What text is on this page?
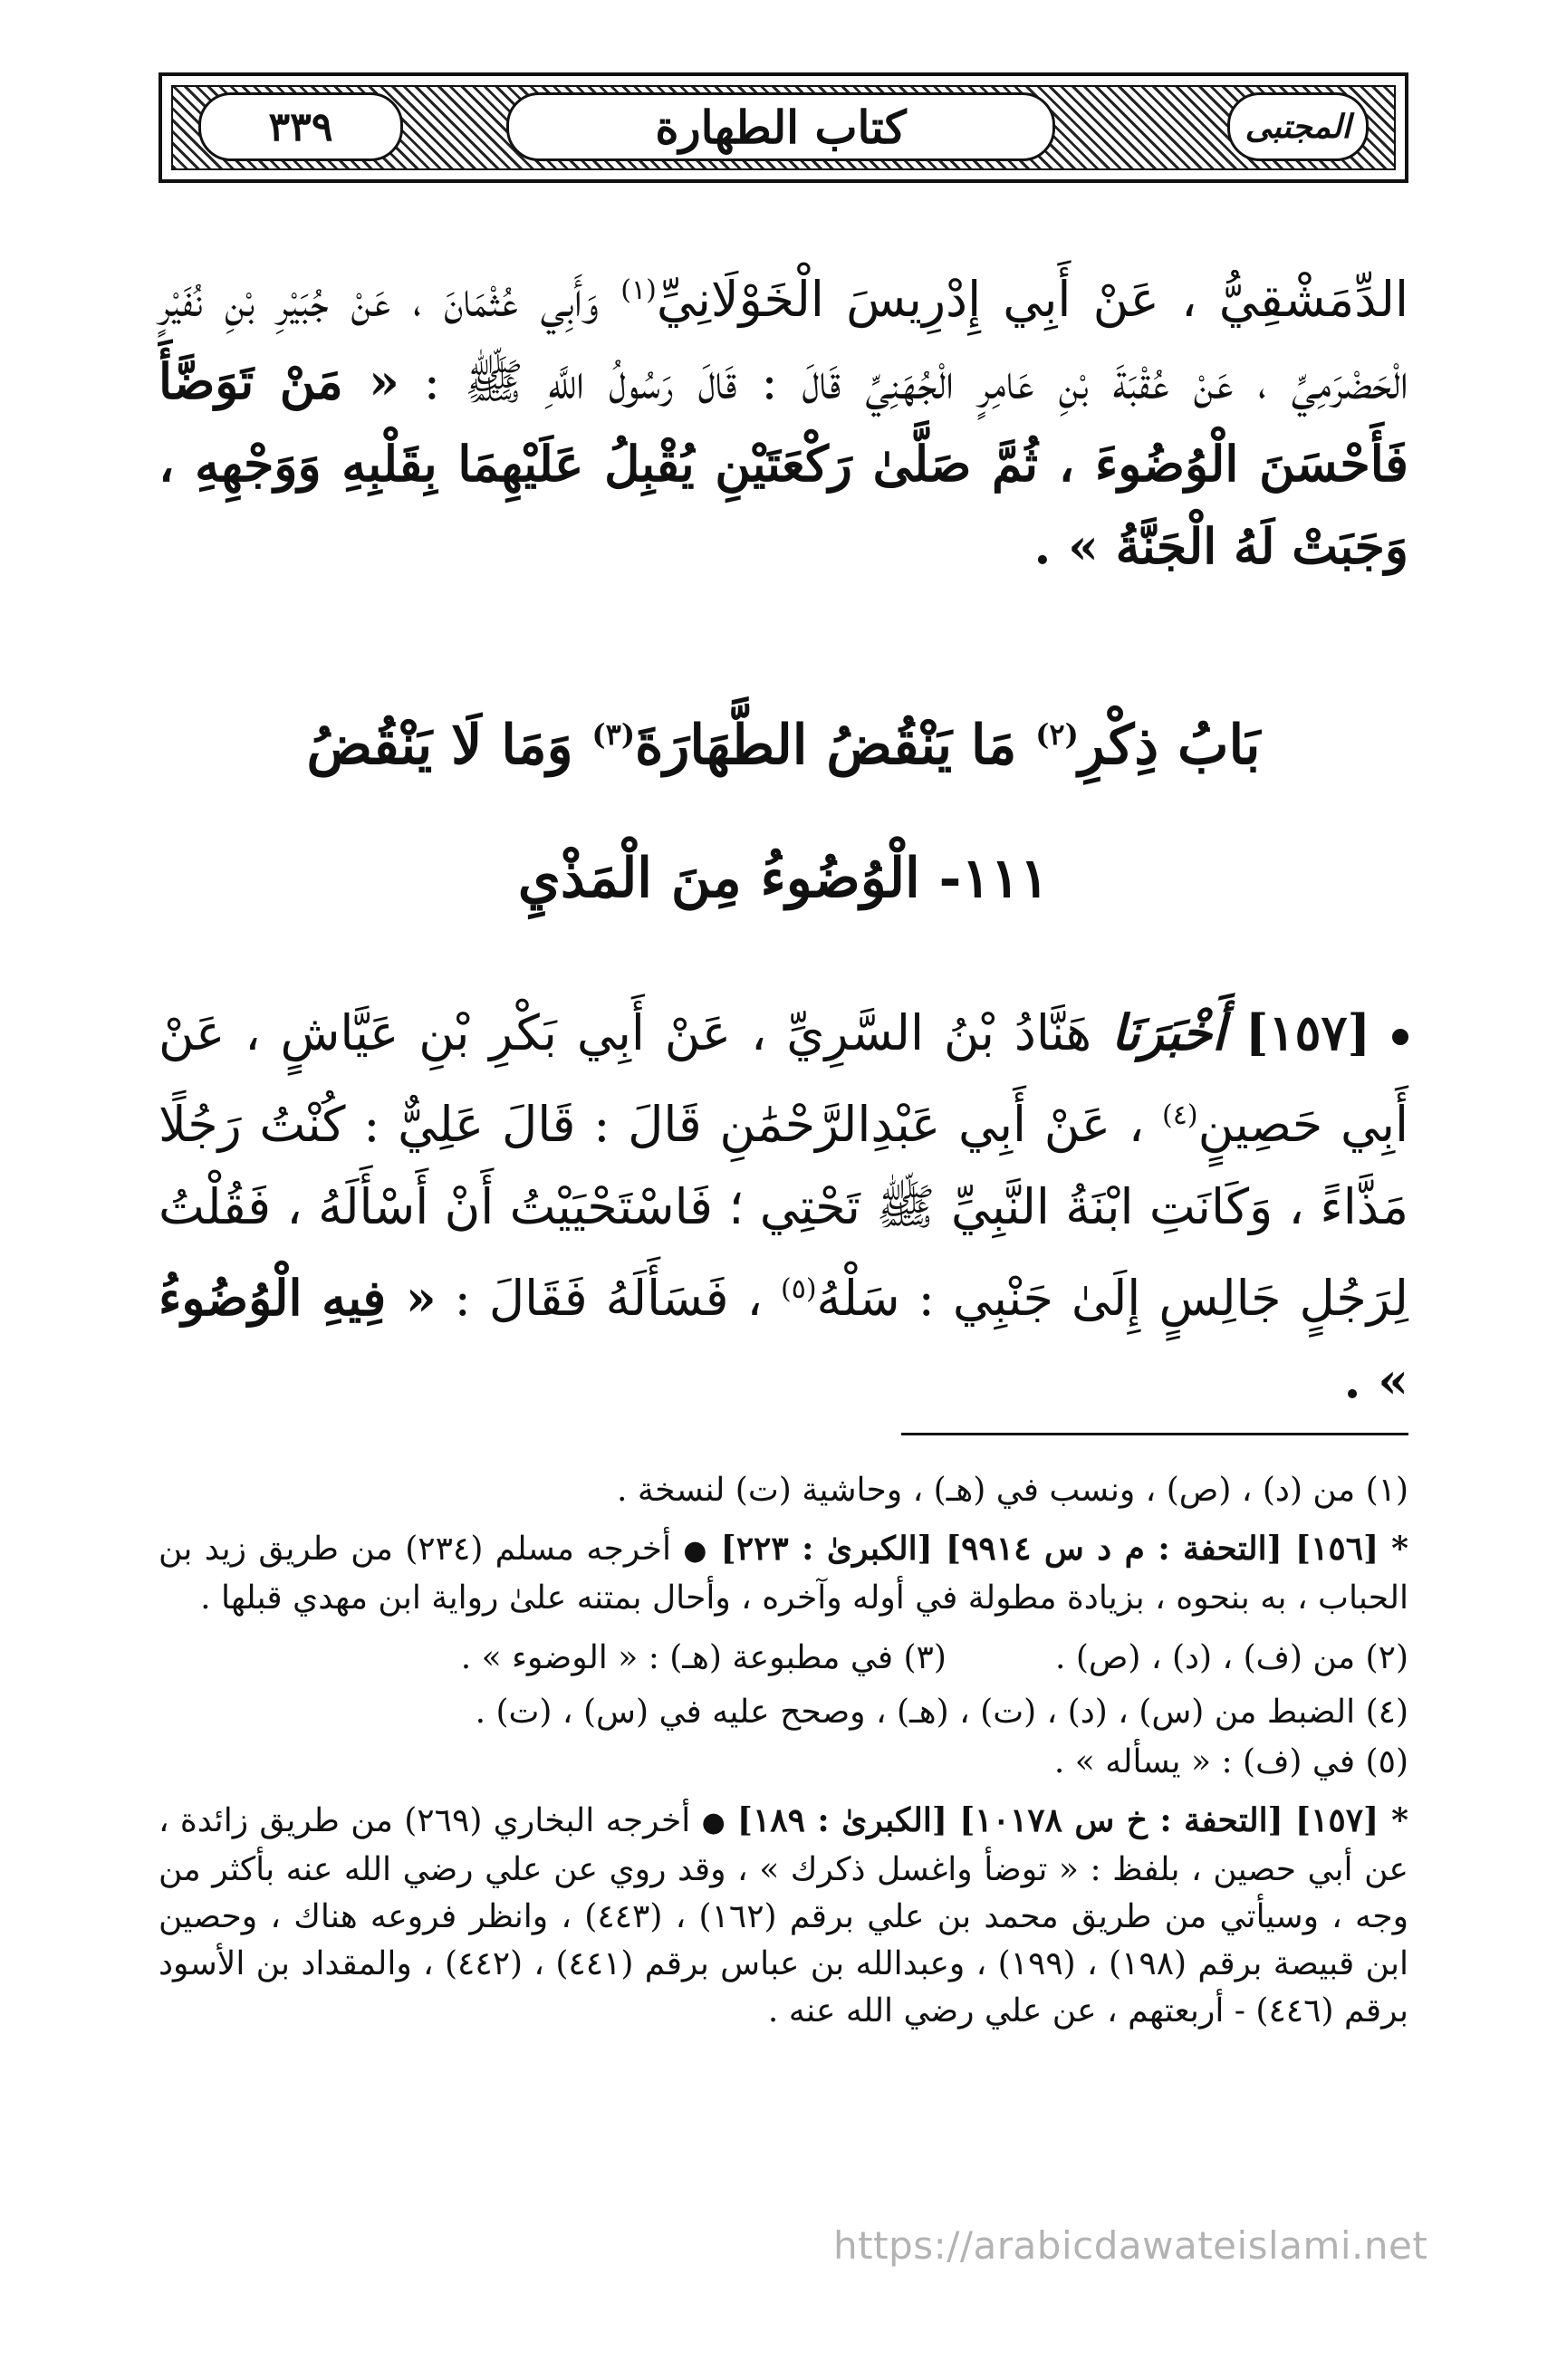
٣٣٩	كتاب الطهارة	المجتبى

الدِّمَشْقِيُّ ، عَنْ أَبِي إِدْرِيسَ الْخَوْلَانِيِّ$^{(١)}$ وَأَبِي عُثْمَانَ ، عَنْ جُبَيْرِ بْنِ نُفَيْرٍ الْحَضْرَمِيِّ ، عَنْ عُقْبَةَ بْنِ عَامِرٍ الْجُهَنِيِّ قَالَ : قَالَ رَسُولُ اللَّهِ ﷺ : « مَنْ تَوَضَّأَ فَأَحْسَنَ الْوُضُوءَ ، ثُمَّ صَلَّىٰ رَكْعَتَيْنِ يُقْبِلُ عَلَيْهِمَا بِقَلْبِهِ وَوَجْهِهِ ، وَجَبَتْ لَهُ الْجَنَّةُ » .

بَابُ ذِكْرِ$^{(٢)}$ مَا يَنْقُضُ الطَّهَارَةَ$^{(٣)}$ وَمَا لَا يَنْقُضُ
١١١- الْوُضُوءُ مِنَ الْمَذْيِ

[١٥٧] أَخْبَرَنَا هَنَّادُ بْنُ السَّرِيِّ ، عَنْ أَبِي بَكْرِ بْنِ عَيَّاشٍ ، عَنْ أَبِي حَصِينٍ$^{(٤)}$ ، عَنْ أَبِي عَبْدِالرَّحْمَٰنِ قَالَ : قَالَ عَلِيٌّ : كُنْتُ رَجُلًا مَذَّاءً ، وَكَانَتِ ابْنَةُ النَّبِيِّ ﷺ تَحْتِي ؛ فَاسْتَحْيَيْتُ أَنْ أَسْأَلَهُ ، فَقُلْتُ لِرَجُلٍ جَالِسٍ إِلَىٰ جَنْبِي : سَلْهُ$^{(٥)}$ ، فَسَأَلَهُ فَقَالَ : « فِيهِ الْوُضُوءُ » .

(١) من (د) ، (ص) ، ونسب في (هـ) ، وحاشية (ت) لنسخة .

*[١٥٦] [التحفة : م د س ٩٩١٤] [الكبرىٰ : ٢٢٣] ● أخرجه مسلم (٢٣٤) من طريق زيد بن الحباب ، به بنحوه ، بزيادة مطولة في أوله وآخره ، وأحال بمتنه علىٰ رواية ابن مهدي قبلها .

(٢) من (ف) ، (د) ، (ص) .
(٣) في مطبوعة (هـ) : « الوضوء » .

(٤) الضبط من (س) ، (د) ، (ت) ، (هـ) ، وصحح عليه في (س) ، (ت) .

(٥) في (ف) : « يسأله » .

*[١٥٧] [التحفة : خ س ١٠١٧٨] [الكبرىٰ : ١٨٩] ● أخرجه البخاري (٢٦٩) من طريق زائدة ، عن أبي حصين ، بلفظ : « توضأ واغسل ذكرك » ، وقد روي عن علي رضي الله عنه بأكثر من وجه ، وسيأتي من طريق محمد بن علي برقم (١٦٢) ، (٤٤٣) ، وانظر فروعه هناك ، وحصين ابن قبيصة برقم (١٩٨) ، (١٩٩) ، وعبدالله بن عباس برقم (٤٤١) ، (٤٤٢) ، والمقداد بن الأسود برقم (٤٤٦) - أربعتهم ، عن علي رضي الله عنه .

https://arabicdawateislami.net
